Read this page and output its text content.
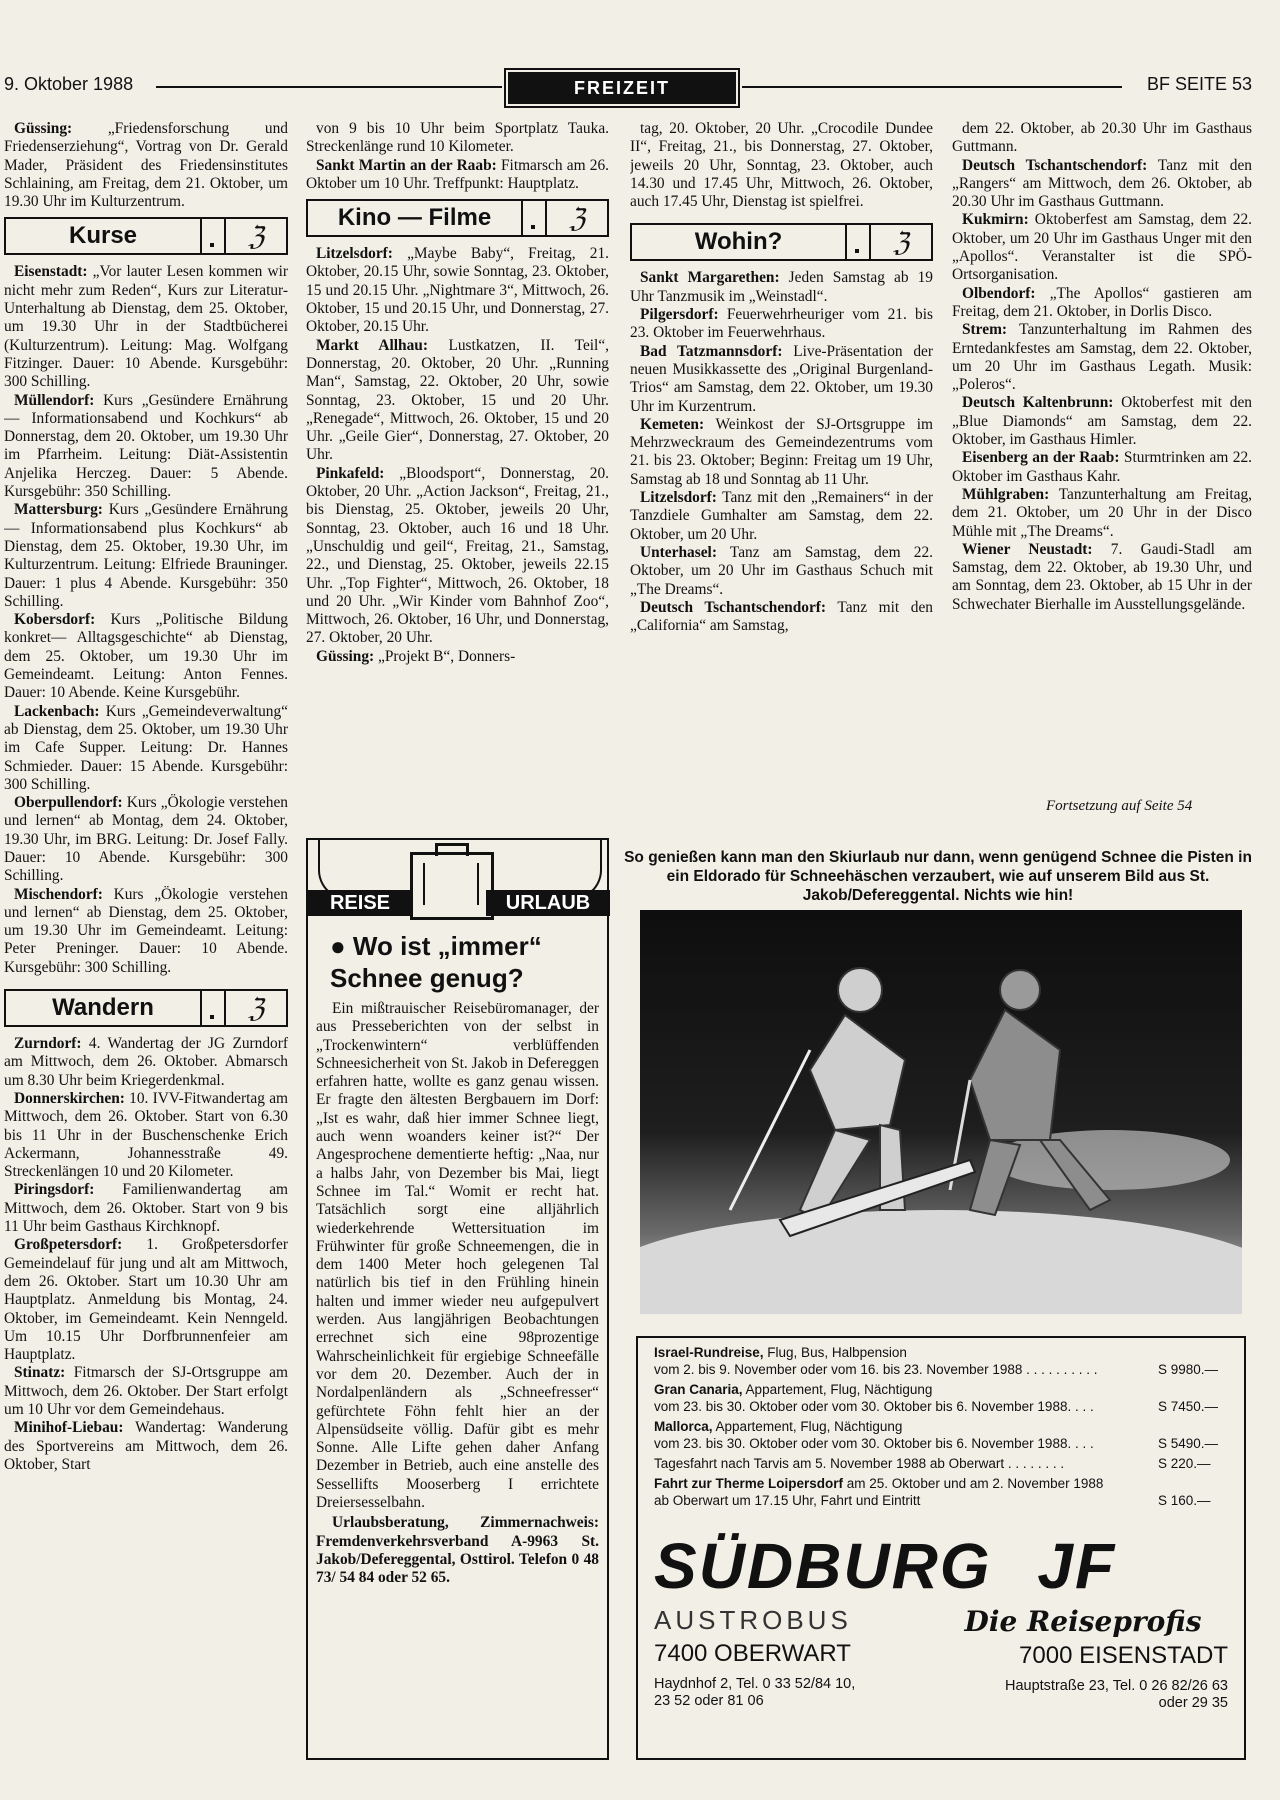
9. Oktober 1988	FREIZEIT	BF SEITE 53

Güssing: „Friedensforschung und Friedenserziehung“, Vortrag von Dr. Gerald Mader, Präsident des Friedensinstitutes Schlaining, am Freitag, dem 21. Oktober, um 19.30 Uhr im Kulturzentrum.

Kurse	ℨ

Eisenstadt: „Vor lauter Lesen kommen wir nicht mehr zum Reden“, Kurs zur Literatur-Unterhaltung ab Dienstag, dem 25. Oktober, um 19.30 Uhr in der Stadtbücherei (Kulturzentrum). Leitung: Mag. Wolfgang Fitzinger. Dauer: 10 Abende. Kursgebühr: 300 Schilling.

Müllendorf: Kurs „Gesündere Ernährung — Informationsabend und Kochkurs“ ab Donnerstag, dem 20. Oktober, um 19.30 Uhr im Pfarrheim. Leitung: Diät-Assistentin Anjelika Herczeg. Dauer: 5 Abende. Kursgebühr: 350 Schilling.

Mattersburg: Kurs „Gesündere Ernährung — Informationsabend plus Kochkurs“ ab Dienstag, dem 25. Oktober, 19.30 Uhr, im Kulturzentrum. Leitung: Elfriede Brauninger. Dauer: 1 plus 4 Abende. Kursgebühr: 350 Schilling.

Kobersdorf: Kurs „Politische Bildung konkret— Alltagsgeschichte“ ab Dienstag, dem 25. Oktober, um 19.30 Uhr im Gemeindeamt. Leitung: Anton Fennes. Dauer: 10 Abende. Keine Kursgebühr.

Lackenbach: Kurs „Gemeindeverwaltung“ ab Dienstag, dem 25. Oktober, um 19.30 Uhr im Cafe Supper. Leitung: Dr. Hannes Schmieder. Dauer: 15 Abende. Kursgebühr: 300 Schilling.

Oberpullendorf: Kurs „Ökologie verstehen und lernen“ ab Montag, dem 24. Oktober, 19.30 Uhr, im BRG. Leitung: Dr. Josef Fally. Dauer: 10 Abende. Kursgebühr: 300 Schilling.

Mischendorf: Kurs „Ökologie verstehen und lernen“ ab Dienstag, dem 25. Oktober, um 19.30 Uhr im Gemeindeamt. Leitung: Peter Preninger. Dauer: 10 Abende. Kursgebühr: 300 Schilling.

Wandern	ℨ

Zurndorf: 4. Wandertag der JG Zurndorf am Mittwoch, dem 26. Oktober. Abmarsch um 8.30 Uhr beim Kriegerdenkmal.

Donnerskirchen: 10. IVV-Fitwandertag am Mittwoch, dem 26. Oktober. Start von 6.30 bis 11 Uhr in der Buschenschenke Erich Ackermann, Johannesstraße 49. Streckenlängen 10 und 20 Kilometer.

Piringsdorf: Familienwandertag am Mittwoch, dem 26. Oktober. Start von 9 bis 11 Uhr beim Gasthaus Kirchknopf.

Großpetersdorf: 1. Großpetersdorfer Gemeindelauf für jung und alt am Mittwoch, dem 26. Oktober. Start um 10.30 Uhr am Hauptplatz. Anmeldung bis Montag, 24. Oktober, im Gemeindeamt. Kein Nenngeld. Um 10.15 Uhr Dorfbrunnenfeier am Hauptplatz.

Stinatz: Fitmarsch der SJ-Ortsgruppe am Mittwoch, dem 26. Oktober. Der Start erfolgt um 10 Uhr vor dem Gemeindehaus.

Minihof-Liebau: Wandertag: Wanderung des Sportvereins am Mittwoch, dem 26. Oktober, Start

von 9 bis 10 Uhr beim Sportplatz Tauka. Streckenlänge rund 10 Kilometer.

Sankt Martin an der Raab: Fitmarsch am 26. Oktober um 10 Uhr. Treffpunkt: Hauptplatz.

Kino — Filme	ℨ

Litzelsdorf: „Maybe Baby“, Freitag, 21. Oktober, 20.15 Uhr, sowie Sonntag, 23. Oktober, 15 und 20.15 Uhr. „Nightmare 3“, Mittwoch, 26. Oktober, 15 und 20.15 Uhr, und Donnerstag, 27. Oktober, 20.15 Uhr.

Markt Allhau: Lustkatzen, II. Teil“, Donnerstag, 20. Oktober, 20 Uhr. „Running Man“, Samstag, 22. Oktober, 20 Uhr, sowie Sonntag, 23. Oktober, 15 und 20 Uhr. „Renegade“, Mittwoch, 26. Oktober, 15 und 20 Uhr. „Geile Gier“, Donnerstag, 27. Oktober, 20 Uhr.

Pinkafeld: „Bloodsport“, Donnerstag, 20. Oktober, 20 Uhr. „Action Jackson“, Freitag, 21., bis Dienstag, 25. Oktober, jeweils 20 Uhr, Sonntag, 23. Oktober, auch 16 und 18 Uhr. „Unschuldig und geil“, Freitag, 21., Samstag, 22., und Dienstag, 25. Oktober, jeweils 22.15 Uhr. „Top Fighter“, Mittwoch, 26. Oktober, 18 und 20 Uhr. „Wir Kinder vom Bahnhof Zoo“, Mittwoch, 26. Oktober, 16 Uhr, und Donnerstag, 27. Oktober, 20 Uhr.

Güssing: „Projekt B“, Donners-

tag, 20. Oktober, 20 Uhr. „Crocodile Dundee II“, Freitag, 21., bis Donnerstag, 27. Oktober, jeweils 20 Uhr, Sonntag, 23. Oktober, auch 14.30 und 17.45 Uhr, Mittwoch, 26. Oktober, auch 17.45 Uhr, Dienstag ist spielfrei.

Wohin?	ℨ

Sankt Margarethen: Jeden Samstag ab 19 Uhr Tanzmusik im „Weinstadl“.

Pilgersdorf: Feuerwehrheuriger vom 21. bis 23. Oktober im Feuerwehrhaus.

Bad Tatzmannsdorf: Live-Präsentation der neuen Musikkassette des „Original Burgenland-Trios“ am Samstag, dem 22. Oktober, um 19.30 Uhr im Kurzentrum.

Kemeten: Weinkost der SJ-Ortsgruppe im Mehrzweckraum des Gemeindezentrums vom 21. bis 23. Oktober; Beginn: Freitag um 19 Uhr, Samstag ab 18 und Sonntag ab 11 Uhr.

Litzelsdorf: Tanz mit den „Remainers“ in der Tanzdiele Gumhalter am Samstag, dem 22. Oktober, um 20 Uhr.

Unterhasel: Tanz am Samstag, dem 22. Oktober, um 20 Uhr im Gasthaus Schuch mit „The Dreams“.

Deutsch Tschantschendorf: Tanz mit den „California“ am Samstag,

dem 22. Oktober, ab 20.30 Uhr im Gasthaus Guttmann.

Deutsch Tschantschendorf: Tanz mit den „Rangers“ am Mittwoch, dem 26. Oktober, ab 20.30 Uhr im Gasthaus Guttmann.

Kukmirn: Oktoberfest am Samstag, dem 22. Oktober, um 20 Uhr im Gasthaus Unger mit den „Apollos“. Veranstalter ist die SPÖ-Ortsorganisation.

Olbendorf: „The Apollos“ gastieren am Freitag, dem 21. Oktober, in Dorlis Disco.

Strem: Tanzunterhaltung im Rahmen des Erntedankfestes am Samstag, dem 22. Oktober, um 20 Uhr im Gasthaus Legath. Musik: „Poleros“.

Deutsch Kaltenbrunn: Oktoberfest mit den „Blue Diamonds“ am Samstag, dem 22. Oktober, im Gasthaus Himler.

Eisenberg an der Raab: Sturmtrinken am 22. Oktober im Gasthaus Kahr.

Mühlgraben: Tanzunterhaltung am Freitag, dem 21. Oktober, um 20 Uhr in der Disco Mühle mit „The Dreams“.

Wiener Neustadt: 7. Gaudi-Stadl am Samstag, dem 22. Oktober, ab 19.30 Uhr, und am Sonntag, dem 23. Oktober, ab 15 Uhr in der Schwechater Bierhalle im Ausstellungsgelände.

Fortsetzung auf Seite 54
REISE	URLAUB
● Wo ist „immer“ Schnee genug?

Ein mißtrauischer Reisebüromanager, der aus Presseberichten von der selbst in „Trockenwintern“ verblüffenden Schneesicherheit von St. Jakob in Defereggen erfahren hatte, wollte es ganz genau wissen. Er fragte den ältesten Bergbauern im Dorf: „Ist es wahr, daß hier immer Schnee liegt, auch wenn woanders keiner ist?“ Der Angesprochene dementierte heftig: „Naa, nur a halbs Jahr, von Dezember bis Mai, liegt Schnee im Tal.“ Womit er recht hat. Tatsächlich sorgt eine alljährlich wiederkehrende Wettersituation im Frühwinter für große Schneemengen, die in dem 1400 Meter hoch gelegenen Tal natürlich bis tief in den Frühling hinein halten und immer wieder neu aufgepulvert werden. Aus langjährigen Beobachtungen errechnet sich eine 98prozentige Wahrscheinlichkeit für ergiebige Schneefälle vor dem 20. Dezember. Auch der in Nordalpenländern als „Schneefresser“ gefürchtete Föhn fehlt hier an der Alpensüdseite völlig. Dafür gibt es mehr Sonne. Alle Lifte gehen daher Anfang Dezember in Betrieb, auch eine anstelle des Sessellifts Mooserberg I errichtete Dreiersesselbahn.

Urlaubsberatung, Zimmernachweis: Fremdenverkehrsverband A-9963 St. Jakob/Defereggental, Osttirol. Telefon 0 48 73/ 54 84 oder 52 65.

So genießen kann man den Skiurlaub nur dann, wenn genügend Schnee die Pisten in ein Eldorado für Schneehäschen verzaubert, wie auf unserem Bild aus St. Jakob/Defereggental. Nichts wie hin!
Israel-Rundreise, Flug, Bus, Halbpension
vom 2. bis 9. November oder vom 16. bis 23. November 1988 . . . . . . . . . .	S 9980.—
Gran Canaria, Appartement, Flug, Nächtigung
vom 23. bis 30. Oktober oder vom 30. Oktober bis 6. November 1988. . . .	S 7450.—
Mallorca, Appartement, Flug, Nächtigung
vom 23. bis 30. Oktober oder vom 30. Oktober bis 6. November 1988. . . .	S 5490.—
Tagesfahrt nach Tarvis am 5. November 1988 ab Oberwart . . . . . . . .	S 220.—
Fahrt zur Therme Loipersdorf am 25. Oktober und am 2. November 1988
ab Oberwart um 17.15 Uhr, Fahrt und Eintritt	S 160.—
SÜDBURG JF
AUSTROBUS
7400 OBERWART
Haydnhof 2, Tel. 0 33 52/84 10,
23 52 oder 81 06
Die Reiseprofis
7000 EISENSTADT
Hauptstraße 23, Tel. 0 26 82/26 63
oder 29 35
